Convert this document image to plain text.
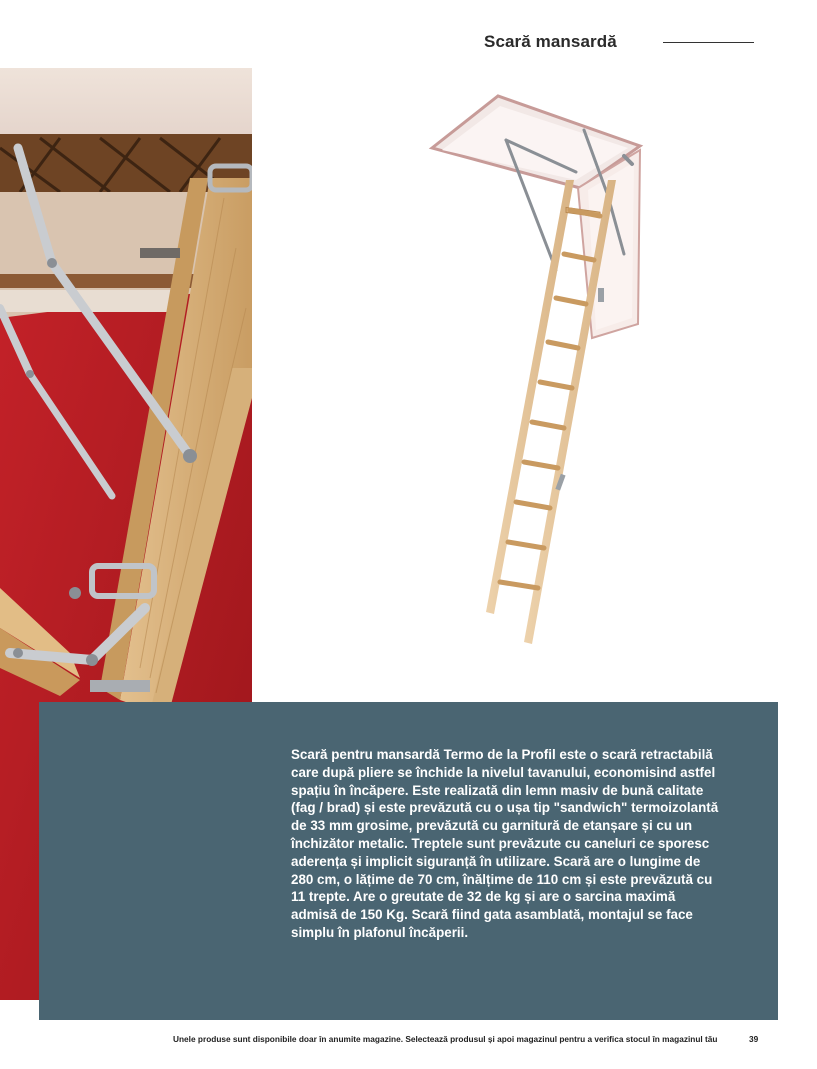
Scară mansardă

Scară pentru mansardă Termo de la Profil este o scară retractabilă care după pliere se închide la nivelul tavanului, economisind astfel spațiu în încăpere. Este realizată din lemn masiv de bună calitate (fag / brad) și este prevăzută cu o ușa tip "sandwich" termoizolantă de 33 mm grosime, prevăzută cu garnitură de etanșare și cu un închizător metalic. Treptele sunt prevăzute cu caneluri ce sporesc aderența și implicit siguranță în utilizare. Scară are o lungime de 280 cm, o lățime de 70 cm, înălțime de 110 cm și este prevăzută cu 11 trepte. Are o greutate de 32 de kg și are o sarcina maximă admisă de 150 Kg. Scară fiind gata asamblată, montajul se face simplu în plafonul încăperii.

Unele produse sunt disponibile doar în anumite magazine. Selectează produsul și apoi magazinul pentru a verifica stocul în magazinul tău	39
